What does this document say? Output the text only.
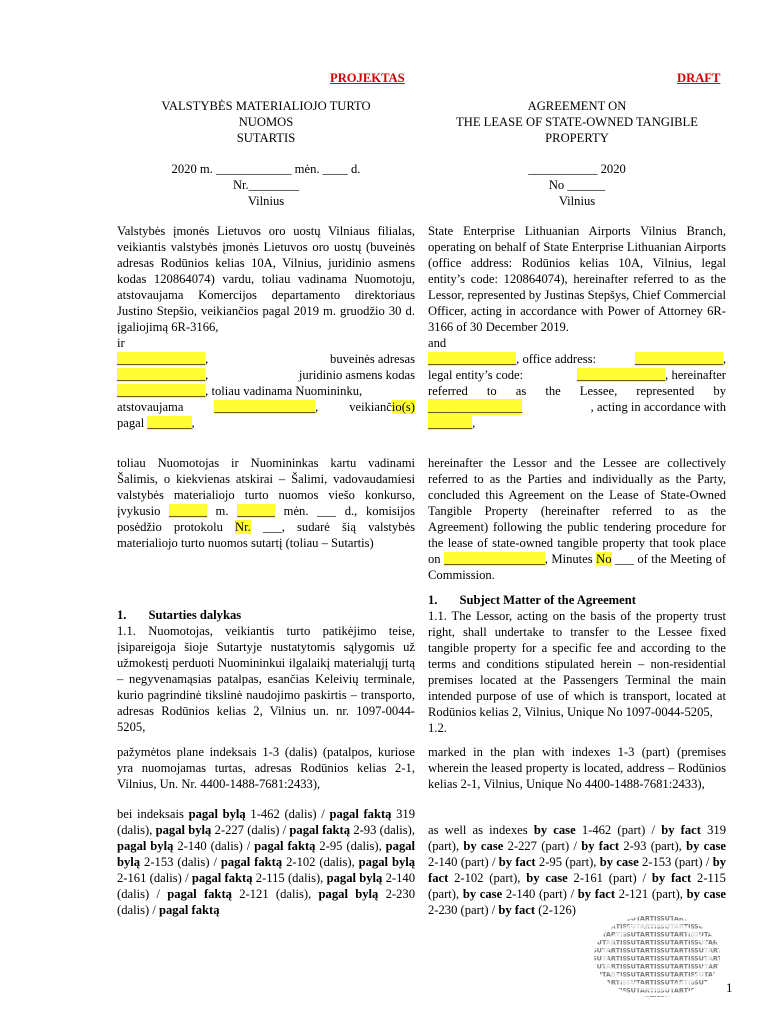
PROJEKTAS	DRAFT
VALSTYBĖS MATERIALIOJO TURTO
NUOMOS
SUTARTIS
AGREEMENT ON
THE LEASE OF STATE-OWNED TANGIBLE
PROPERTY
2020 m. ____________ mėn. ____ d.
Nr.________
Vilnius
___________ 2020
No ______
Vilnius
Valstybės įmonės Lietuvos oro uostų Vilniaus filialas, veikiantis valstybės įmonės Lietuvos oro uostų (buveinės adresas Rodūnios kelias 10A, Vilnius, juridinio asmens kodas 120864074) vardu, toliau vadinama Nuomotoju, atstovaujama Komercijos departamento direktoriaus Justino Stepšio, veikiančios pagal 2019 m. gruodžio 30 d. įgaliojimą 6R-3166,
ir
______________,	buveinės adresas
______________,	juridinio asmens kodas
______________, toliau vadinama Nuomininku,
atstovaujama ________________, veikiančio(s)
pagal _______,
State Enterprise Lithuanian Airports Vilnius Branch, operating on behalf of State Enterprise Lithuanian Airports (office address: Rodūnios kelias 10A, Vilnius, legal entity’s code: 120864074), hereinafter referred to as the Lessor, represented by Justinas Stepšys, Chief Commercial Officer, acting in accordance with Power of Attorney 6R-3166 of 30 December 2019.
and
______________, office address:	______________,
legal entity’s code:	______________, hereinafter
referred to as the Lessee, represented by
_______________	, acting in accordance with
_______,
toliau Nuomotojas ir Nuomininkas kartu vadinami Šalimis, o kiekvienas atskirai – Šalimi, vadovaudamiesi valstybės materialiojo turto nuomos viešo konkurso, įvykusio ______ m. ______ mėn. ___ d., komisijos posėdžio protokolu Nr. ___, sudarė šią valstybės materialiojo turto nuomos sutartį (toliau – Sutartis)
hereinafter the Lessor and the Lessee are collectively referred to as the Parties and individually as the Party, concluded this Agreement on the Lease of State-Owned Tangible Property (hereinafter referred to as the Agreement) following the public tendering procedure for the lease of state-owned tangible property that took place on ________________, Minutes No ___ of the Meeting of Commission.
1. Sutarties dalykas
1. Subject Matter of the Agreement
1.1. Nuomotojas, veikiantis turto patikėjimo teise, įsipareigoja šioje Sutartyje nustatytomis sąlygomis už užmokestį perduoti Nuomininkui ilgalaikį materialųjį turtą – negyvenamąsias patalpas, esančias Keleivių terminale, kurio pagrindinė tikslinė naudojimo paskirtis – transporto, adresas Rodūnios kelias 2, Vilnius un. nr. 1097-0044-5205,
1.1. The Lessor, acting on the basis of the property trust right, shall undertake to transfer to the Lessee fixed tangible property for a specific fee and according to the terms and conditions stipulated herein – non-residential premises located at the Passengers Terminal the main intended purpose of use of which is transport, located at Rodūnios kelias 2, Vilnius, Unique No 1097-0044-5205,
1.2.
pažymėtos plane indeksais 1-3 (dalis) (patalpos, kuriose yra nuomojamas turtas, adresas Rodūnios kelias 2-1, Vilnius, Un. Nr. 4400-1488-7681:2433),
marked in the plan with indexes 1-3 (part) (premises wherein the leased property is located, address – Rodūnios kelias 2-1, Vilnius, Unique No 4400-1488-7681:2433),
bei indeksais pagal bylą 1-462 (dalis) / pagal faktą 319 (dalis), pagal bylą 2-227 (dalis) / pagal faktą 2-93 (dalis), pagal bylą 2-140 (dalis) / pagal faktą 2-95 (dalis), pagal bylą 2-153 (dalis) / pagal faktą 2-102 (dalis), pagal bylą 2-161 (dalis) / pagal faktą 2-115 (dalis), pagal bylą 2-140 (dalis) / pagal faktą 2-121 (dalis), pagal bylą 2-230 (dalis) / pagal faktą
as well as indexes by case 1-462 (part) / by fact 319 (part), by case 2-227 (part) / by fact 2-93 (part), by case 2-140 (part) / by fact 2-95 (part), by case 2-153 (part) / by fact 2-102 (part), by case 2-161 (part) / by fact 2-115 (part), by case 2-140 (part) / by fact 2-121 (part), by case 2-230 (part) / by fact (2-126)
1
